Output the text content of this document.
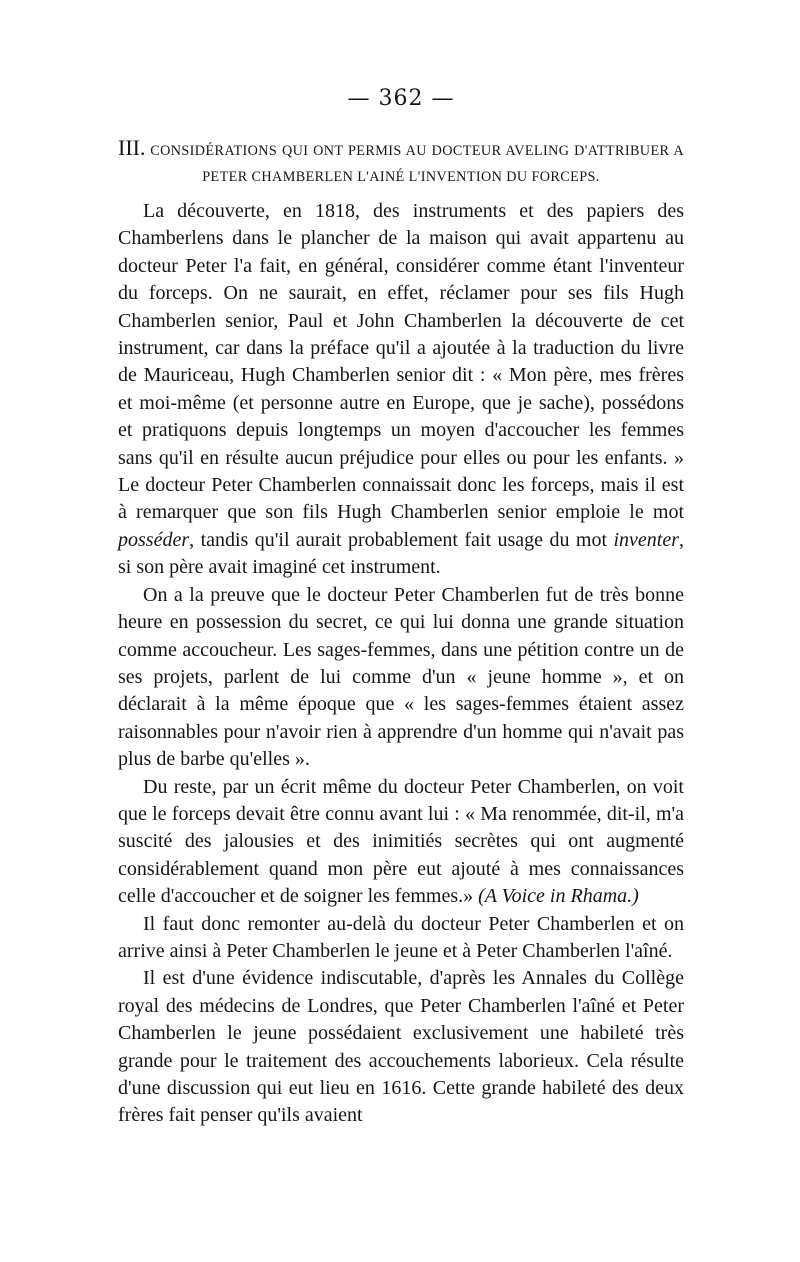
— 362 —
III. CONSIDÉRATIONS QUI ONT PERMIS AU DOCTEUR AVELING D'ATTRIBUER A PETER CHAMBERLEN L'AINÉ L'INVENTION DU FORCEPS.

La découverte, en 1818, des instruments et des papiers des Chamberlens dans le plancher de la maison qui avait appartenu au docteur Peter l'a fait, en général, considérer comme étant l'inventeur du forceps. On ne saurait, en effet, réclamer pour ses fils Hugh Chamberlen senior, Paul et John Chamberlen la découverte de cet instrument, car dans la préface qu'il a ajoutée à la traduction du livre de Mauriceau, Hugh Chamberlen senior dit : « Mon père, mes frères et moi-même (et personne autre en Europe, que je sache), possédons et pratiquons depuis longtemps un moyen d'accoucher les femmes sans qu'il en résulte aucun préjudice pour elles ou pour les enfants. » Le docteur Peter Chamberlen connaissait donc les forceps, mais il est à remarquer que son fils Hugh Chamberlen senior emploie le mot posséder, tandis qu'il aurait probablement fait usage du mot inventer, si son père avait imaginé cet instrument.

On a la preuve que le docteur Peter Chamberlen fut de très bonne heure en possession du secret, ce qui lui donna une grande situation comme accoucheur. Les sages-femmes, dans une pétition contre un de ses projets, parlent de lui comme d'un « jeune homme », et on déclarait à la même époque que « les sages-femmes étaient assez raisonnables pour n'avoir rien à apprendre d'un homme qui n'avait pas plus de barbe qu'elles ».

Du reste, par un écrit même du docteur Peter Chamberlen, on voit que le forceps devait être connu avant lui : « Ma renommée, dit-il, m'a suscité des jalousies et des inimitiés secrètes qui ont augmenté considérablement quand mon père eut ajouté à mes connaissances celle d'accoucher et de soigner les femmes.» (A Voice in Rhama.)

Il faut donc remonter au-delà du docteur Peter Chamberlen et on arrive ainsi à Peter Chamberlen le jeune et à Peter Chamberlen l'aîné.

Il est d'une évidence indiscutable, d'après les Annales du Collège royal des médecins de Londres, que Peter Chamberlen l'aîné et Peter Chamberlen le jeune possédaient exclusivement une habileté très grande pour le traitement des accouchements laborieux. Cela résulte d'une discussion qui eut lieu en 1616. Cette grande habileté des deux frères fait penser qu'ils avaient
